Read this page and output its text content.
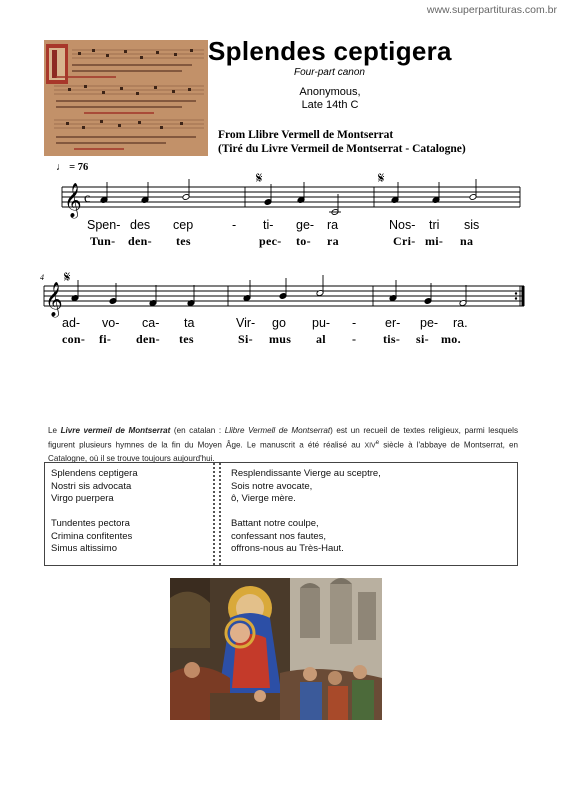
www.superpartituras.com.br
Splendes ceptigera
Four-part canon
Anonymous,
Late 14th C
From Llibre Vermell de Montserrat
(Tiré du Livre Vermeil de Montserrat - Catalogne)
♩ = 76
𝄞 c
𝄋	𝄋
Spen- des cep	- ti- ge- ra	Nos- tri sis
Tun- den- tes	pec- to- ra	Cri- mi- na
4
𝄞
𝄋
ad- vo- ca- ta	Vir- go pu- - er- pe- ra.
con- fi- den- tes	Si- mus al - tis- si- mo.
Le Livre vermeil de Montserrat (en catalan : Llibre Vermell de Montserrat) est un recueil de textes religieux, parmi lesquels figurent plusieurs hymnes de la fin du Moyen Âge. Le manuscrit a été réalisé au XIVe siècle à l'abbaye de Montserrat, en Catalogne, où il se trouve toujours aujourd'hui.
Splendens ceptigera
Nostri sis advocata
Virgo puerpera
Tundentes pectora
Crimina confitentes
Simus altissimo
Resplendissante Vierge au sceptre,
Sois notre avocate,
ô, Vierge mère.
Battant notre coulpe,
confessant nos fautes,
offrons-nous au Très-Haut.
